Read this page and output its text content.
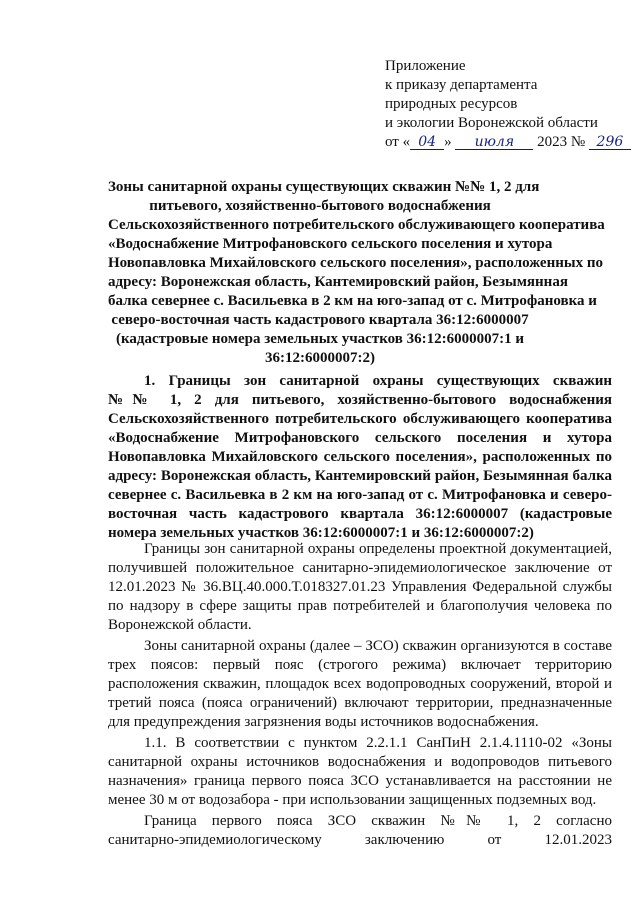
Приложение
к приказу департамента
природных ресурсов
и экологии Воронежской области
от « 04 » июля 2023 № 296
Зоны санитарной охраны существующих скважин №№ 1, 2 для
питьевого, хозяйственно-бытового водоснабжения
Сельскохозяйственного потребительского обслуживающего кооператива
«Водоснабжение Митрофановского сельского поселения и хутора
Новопавловка Михайловского сельского поселения», расположенных по
адресу: Воронежская область, Кантемировский район, Безымянная
балка севернее с. Васильевка в 2 км на юго-запад от с. Митрофановка и
северо-восточная часть кадастрового квартала 36:12:6000007
(кадастровые номера земельных участков 36:12:6000007:1 и
36:12:6000007:2)
1. Границы зон санитарной охраны существующих скважин
№№ 1, 2 для питьевого, хозяйственно-бытового водоснабжения
Сельскохозяйственного потребительского обслуживающего кооператива
«Водоснабжение Митрофановского сельского поселения и хутора
Новопавловка Михайловского сельского поселения», расположенных по
адресу: Воронежская область, Кантемировский район, Безымянная балка
севернее с. Васильевка в 2 км на юго-запад от с. Митрофановка и северо-
восточная часть кадастрового квартала 36:12:6000007 (кадастровые
номера земельных участков 36:12:6000007:1 и 36:12:6000007:2)
Границы зон санитарной охраны определены проектной документацией,
получившей положительное санитарно-эпидемиологическое заключение от
12.01.2023 № 36.ВЦ.40.000.Т.018327.01.23 Управления Федеральной службы
по надзору в сфере защиты прав потребителей и благополучия человека по
Воронежской области.
Зоны санитарной охраны (далее – ЗСО) скважин организуются в составе
трех поясов: первый пояс (строгого режима) включает территорию
расположения скважин, площадок всех водопроводных сооружений, второй и
третий пояса (пояса ограничений) включают территории, предназначенные
для предупреждения загрязнения воды источников водоснабжения.
1.1. В соответствии с пунктом 2.2.1.1 СанПиН 2.1.4.1110-02 «Зоны
санитарной охраны источников водоснабжения и водопроводов питьевого
назначения» граница первого пояса ЗСО устанавливается на расстоянии не
менее 30 м от водозабора - при использовании защищенных подземных вод.
Граница первого пояса ЗСО скважин №№ 1, 2 согласно
санитарно-эпидемиологическому заключению от 12.01.2023
